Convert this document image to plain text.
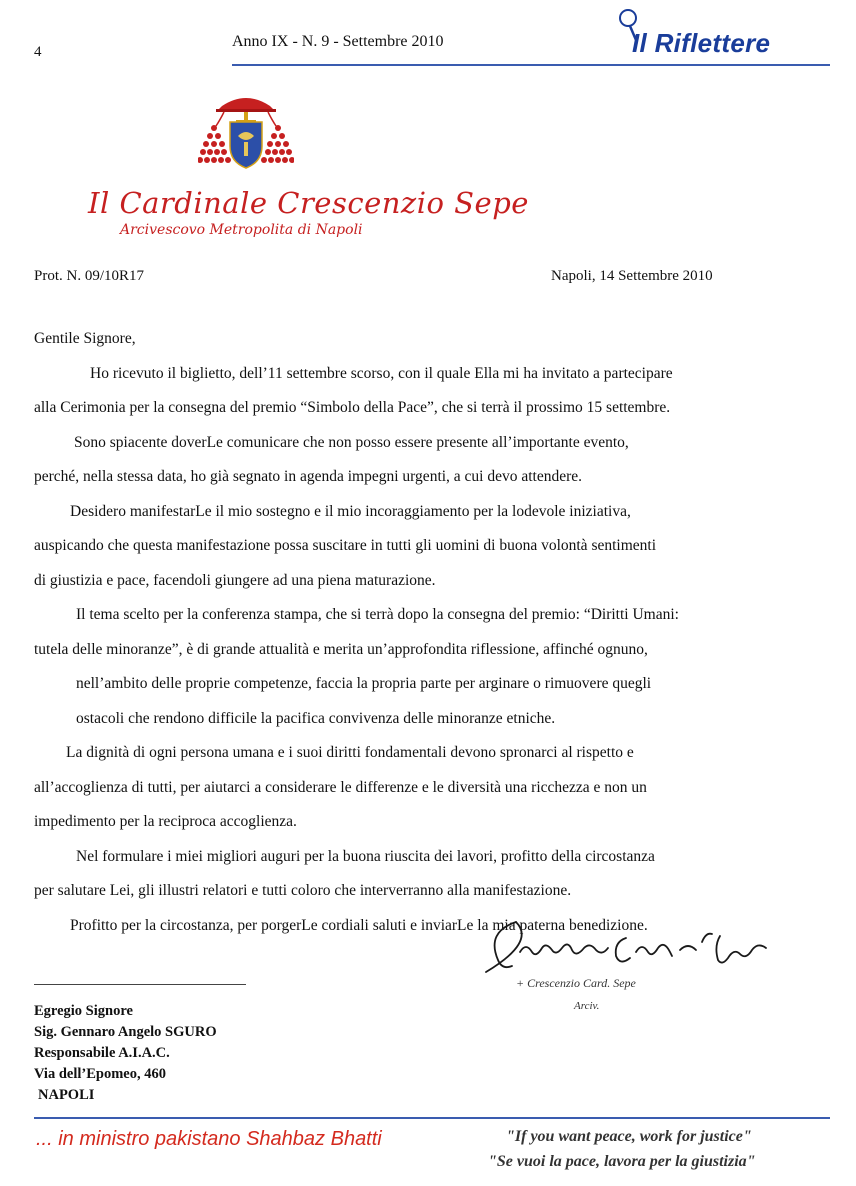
4
Anno IX - N. 9 - Settembre 2010	Il Riflettere
Il Cardinale Crescenzio Sepe
Arcivescovo Metropolita di Napoli
Prot. N. 09/10R17	Napoli, 14 Settembre 2010
Gentile Signore,
Ho ricevuto il biglietto, dell’11 settembre scorso, con il quale Ella mi ha invitato a partecipare
alla Cerimonia per la consegna del premio “Simbolo della Pace”, che si terrà il prossimo 15 settembre.
Sono spiacente doverLe comunicare che non posso essere presente all’importante evento,
perché, nella stessa data, ho già segnato in agenda impegni urgenti, a cui devo attendere.
Desidero manifestarLe il mio sostegno e il mio incoraggiamento per la lodevole iniziativa,
auspicando che questa manifestazione possa suscitare in tutti gli uomini di buona volontà sentimenti
di giustizia e pace, facendoli giungere ad una piena maturazione.
Il tema scelto per la conferenza stampa, che si terrà dopo la consegna del premio: “Diritti Umani:
tutela delle minoranze”, è di grande attualità e merita un’approfondita riflessione, affinché ognuno,
nell’ambito delle proprie competenze, faccia la propria parte per arginare o rimuovere quegli
ostacoli che rendono difficile la pacifica convivenza delle minoranze etniche.
La dignità di ogni persona umana e i suoi diritti fondamentali devono spronarci al rispetto e
all’accoglienza di tutti, per aiutarci a considerare le differenze e le diversità una ricchezza e non un
impedimento per la reciproca accoglienza.
Nel formulare i miei migliori auguri per la buona riuscita dei lavori, profitto della circostanza
per salutare Lei, gli illustri relatori e tutti coloro che interverranno alla manifestazione.
Profitto per la circostanza, per porgerLe cordiali saluti e inviarLe la mia paterna benedizione.
+ Crescenzio Card. Sepe
Arciv.
Egregio Signore
Sig. Gennaro Angelo SGURO
Responsabile A.I.A.C.
Via dell’Epomeo, 460
NAPOLI
... in ministro pakistano Shahbaz Bhatti	"If you want peace, work for justice"
"Se vuoi la pace, lavora per la giustizia"
